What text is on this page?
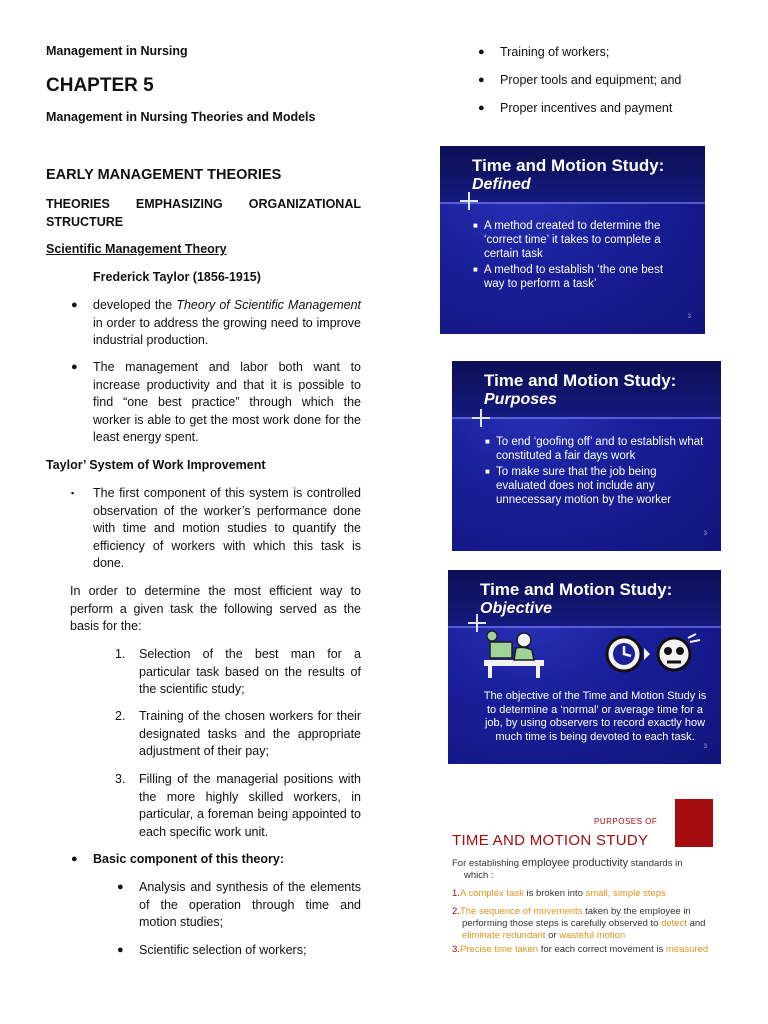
Management in Nursing
CHAPTER 5
Management in Nursing Theories and Models
EARLY MANAGEMENT THEORIES
THEORIES EMPHASIZING ORGANIZATIONAL
STRUCTURE
Scientific Management Theory
Frederick Taylor (1856-1915)
● developed the Theory of Scientific Management in order to address the growing need to improve industrial production.
● The management and labor both want to increase productivity and that it is possible to find “one best practice” through which the worker is able to get the most work done for the least energy spent.
Taylor’ System of Work Improvement
▪ The first component of this system is controlled observation of the worker’s performance done with time and motion studies to quantify the efficiency of workers with which this task is done.
In order to determine the most efficient way to perform a given task the following served as the basis for the:
1. Selection of the best man for a particular task based on the results of the scientific study;
2. Training of the chosen workers for their designated tasks and the appropriate adjustment of their pay;
3. Filling of the managerial positions with the more highly skilled workers, in particular, a foreman being appointed to each specific work unit.
● Basic component of this theory:
● Analysis and synthesis of the elements of the operation through time and motion studies;
● Scientific selection of workers;
● Training of workers;
● Proper tools and equipment; and
● Proper incentives and payment
Time and Motion Study:
Defined
■ A method created to determine the ‘correct time’ it takes to complete a certain task
■ A method to establish ‘the one best way to perform a task’
3
Time and Motion Study:
Purposes
■ To end ‘goofing off’ and to establish what constituted a fair days work
■ To make sure that the job being evaluated does not include any unnecessary motion by the worker
3
Time and Motion Study:
Objective
The objective of the Time and Motion Study is to determine a ‘normal’ or average time for a job, by using observers to record exactly how much time is being devoted to each task.
3
PURPOSES OF
TIME AND MOTION STUDY
For establishing employee productivity standards in
which :
1.A complex task is broken into small, simple steps
2.The sequence of movements taken by the employee in
performing those steps is carefully observed to detect and
eliminate redundant or wasteful motion
3.Precise time taken for each correct movement is measured
